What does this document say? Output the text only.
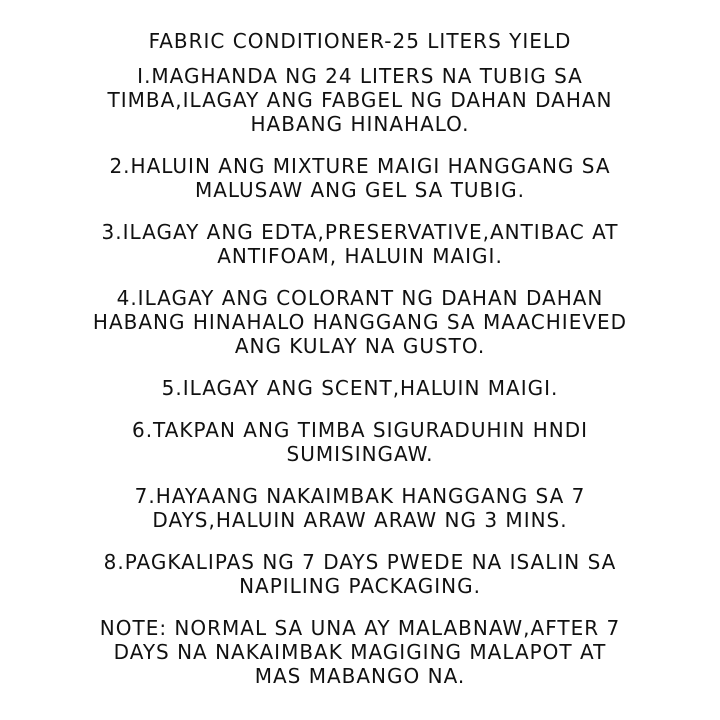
FABRIC CONDITIONER-25 LITERS YIELD
I.MAGHANDA NG 24 LITERS NA TUBIG SA
TIMBA,ILAGAY ANG FABGEL NG DAHAN DAHAN
HABANG HINAHALO.
2.HALUIN ANG MIXTURE MAIGI HANGGANG SA
MALUSAW ANG GEL SA TUBIG.
3.ILAGAY ANG EDTA,PRESERVATIVE,ANTIBAC AT
ANTIFOAM, HALUIN MAIGI.
4.ILAGAY ANG COLORANT NG DAHAN DAHAN
HABANG HINAHALO HANGGANG SA MAACHIEVED
ANG KULAY NA GUSTO.
5.ILAGAY ANG SCENT,HALUIN MAIGI.
6.TAKPAN ANG TIMBA SIGURADUHIN HNDI
SUMISINGAW.
7.HAYAANG NAKAIMBAK HANGGANG SA 7
DAYS,HALUIN ARAW ARAW NG 3 MINS.
8.PAGKALIPAS NG 7 DAYS PWEDE NA ISALIN SA
NAPILING PACKAGING.
NOTE: NORMAL SA UNA AY MALABNAW,AFTER 7
DAYS NA NAKAIMBAK MAGIGING MALAPOT AT
MAS MABANGO NA.
